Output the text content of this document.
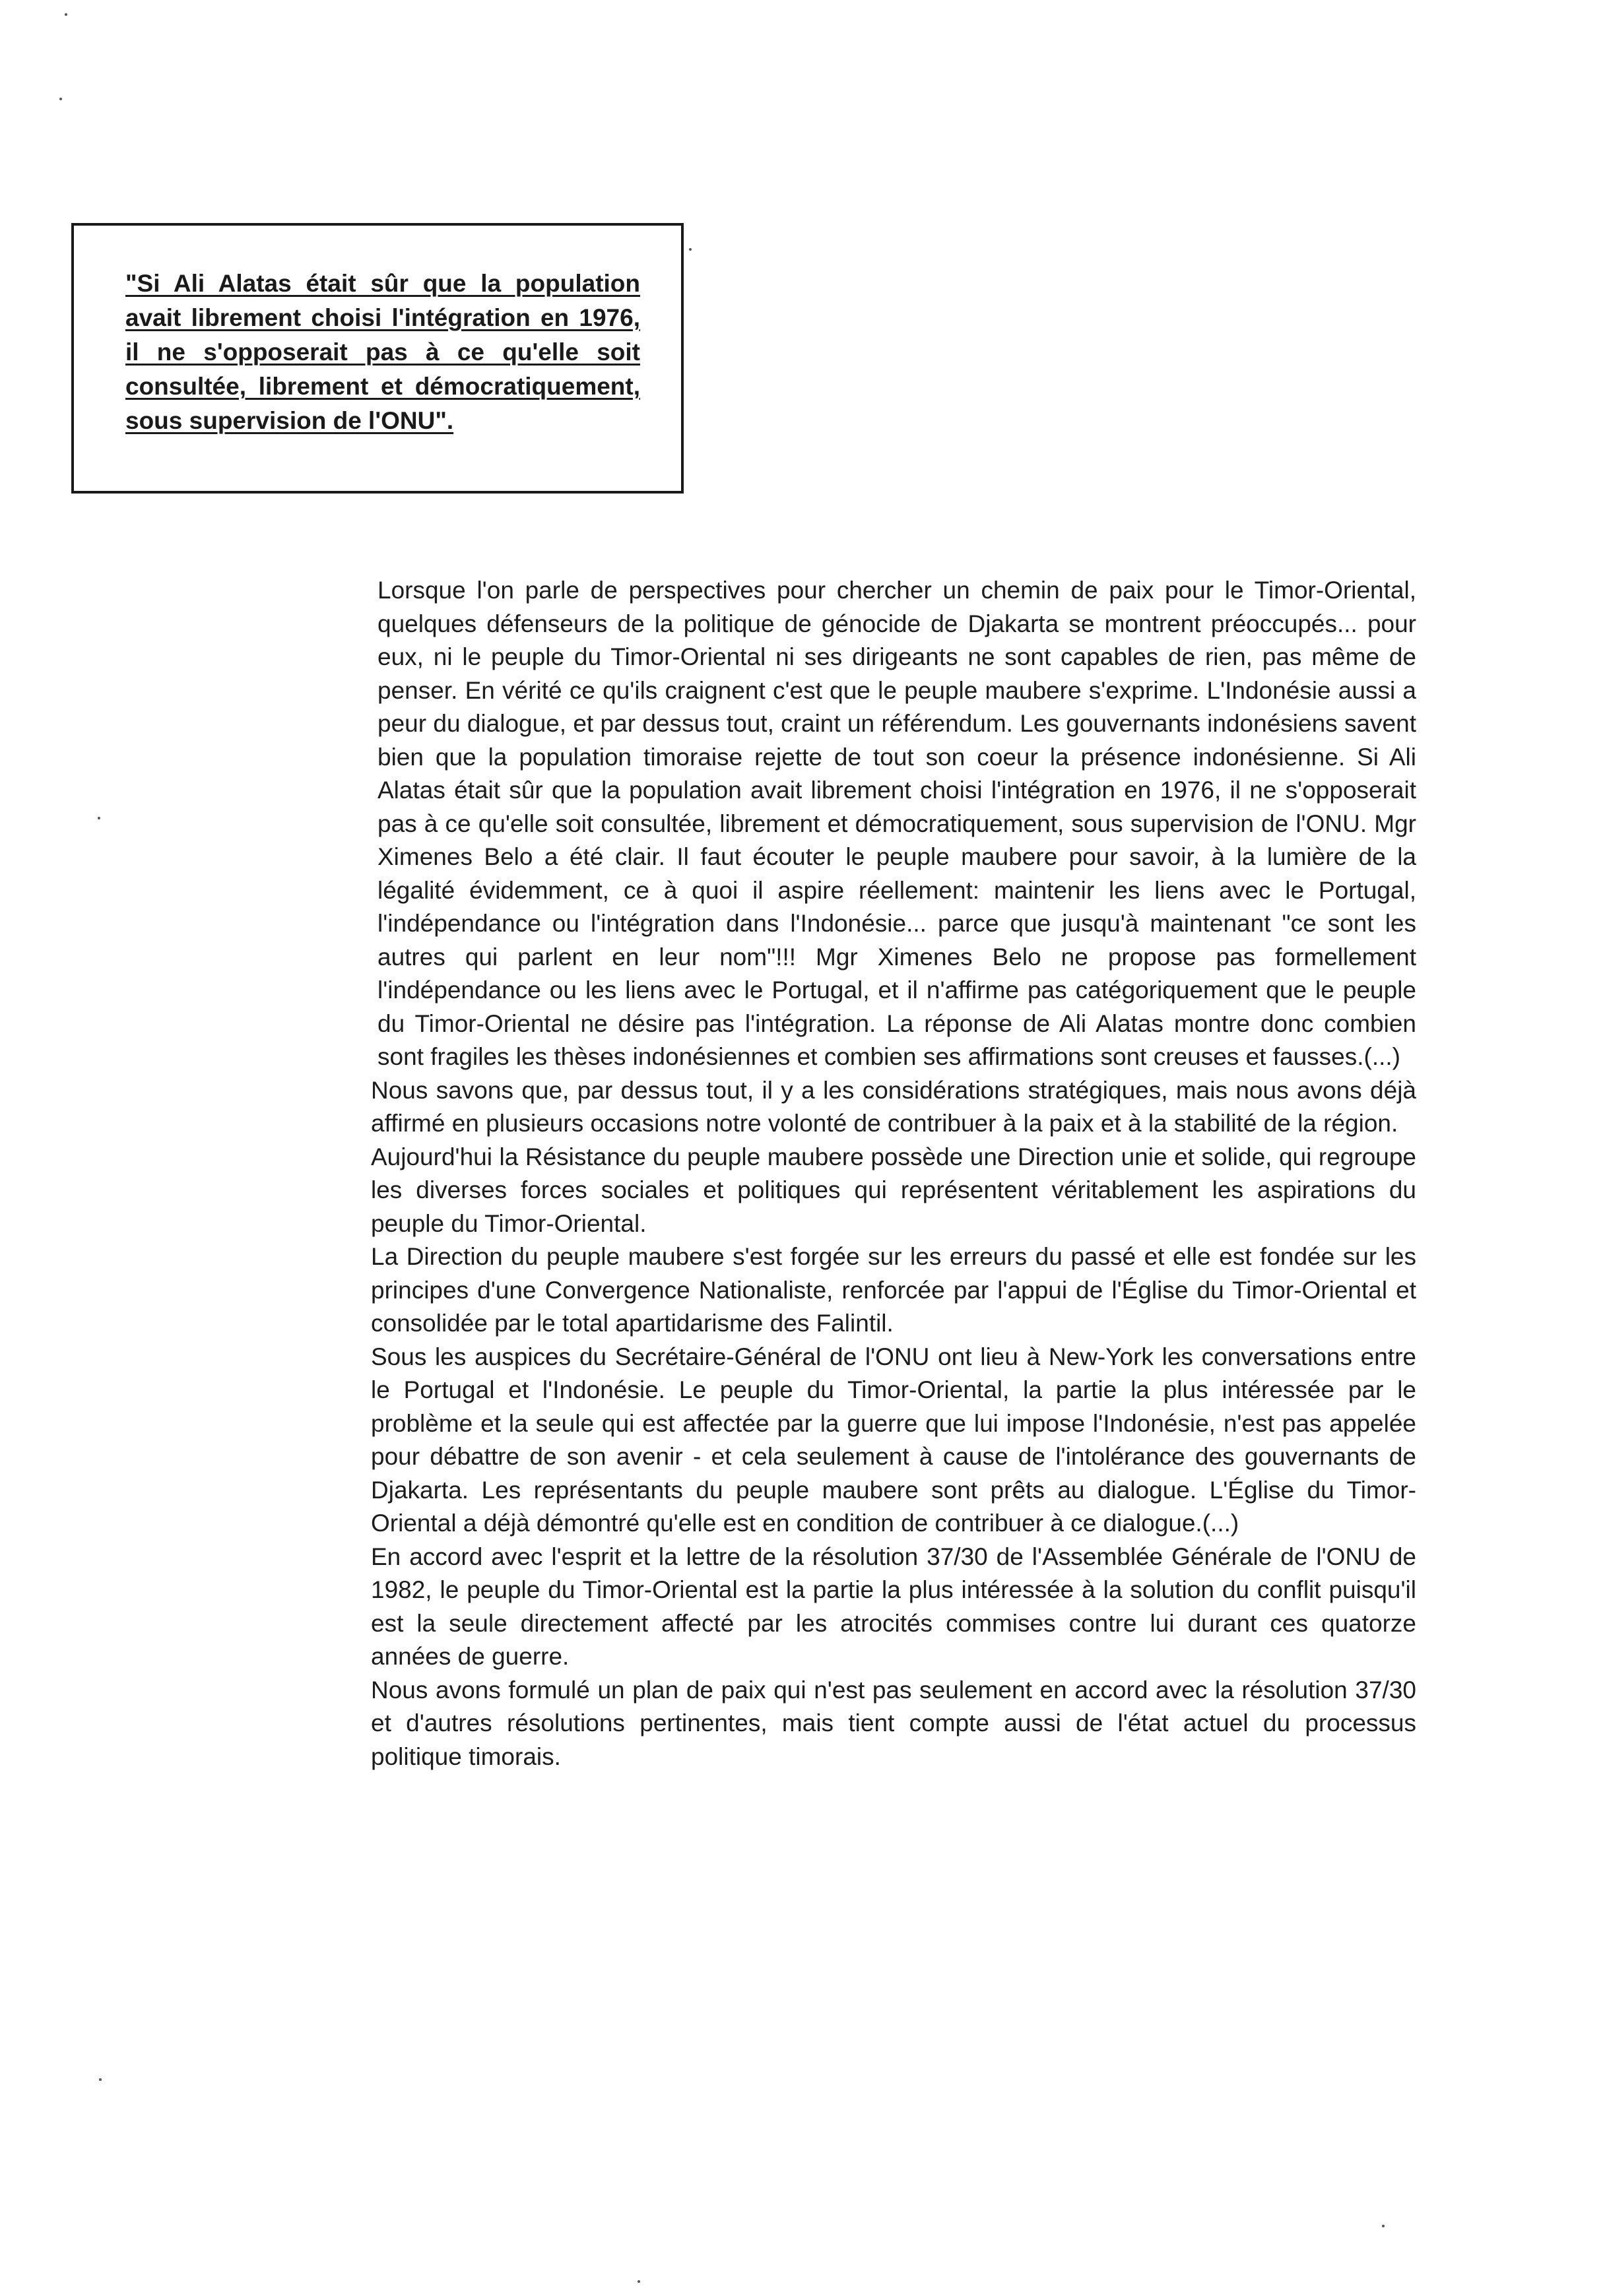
"Si Ali Alatas était sûr que la population avait librement choisi l'intégration en 1976, il ne s'opposerait pas à ce qu'elle soit consultée, librement et démocratiquement, sous supervision de l'ONU".

Lorsque l'on parle de perspectives pour chercher un chemin de paix pour le Timor-Oriental, quelques défenseurs de la politique de génocide de Djakarta se montrent préoccupés... pour eux, ni le peuple du Timor-Oriental ni ses dirigeants ne sont capables de rien, pas même de penser. En vérité ce qu'ils craignent c'est que le peuple maubere s'exprime. L'Indonésie aussi a peur du dialogue, et par dessus tout, craint un référendum. Les gouvernants indonésiens savent bien que la population timoraise rejette de tout son coeur la présence indonésienne. Si Ali Alatas était sûr que la population avait librement choisi l'intégration en 1976, il ne s'opposerait pas à ce qu'elle soit consultée, librement et démocratiquement, sous supervision de l'ONU. Mgr Ximenes Belo a été clair. Il faut écouter le peuple maubere pour savoir, à la lumière de la légalité évidemment, ce à quoi il aspire réellement: maintenir les liens avec le Portugal, l'indépendance ou l'intégration dans l'Indonésie... parce que jusqu'à maintenant "ce sont les autres qui parlent en leur nom"!!! Mgr Ximenes Belo ne propose pas formellement l'indépendance ou les liens avec le Portugal, et il n'affirme pas catégoriquement que le peuple du Timor-Oriental ne désire pas l'intégration. La réponse de Ali Alatas montre donc combien sont fragiles les thèses indonésiennes et combien ses affirmations sont creuses et fausses.(...)

Nous savons que, par dessus tout, il y a les considérations stratégiques, mais nous avons déjà affirmé en plusieurs occasions notre volonté de contribuer à la paix et à la stabilité de la région.

Aujourd'hui la Résistance du peuple maubere possède une Direction unie et solide, qui regroupe les diverses forces sociales et politiques qui représentent véritablement les aspirations du peuple du Timor-Oriental.

La Direction du peuple maubere s'est forgée sur les erreurs du passé et elle est fondée sur les principes d'une Convergence Nationaliste, renforcée par l'appui de l'Église du Timor-Oriental et consolidée par le total apartidarisme des Falintil.

Sous les auspices du Secrétaire-Général de l'ONU ont lieu à New-York les conversations entre le Portugal et l'Indonésie. Le peuple du Timor-Oriental, la partie la plus intéressée par le problème et la seule qui est affectée par la guerre que lui impose l'Indonésie, n'est pas appelée pour débattre de son avenir - et cela seulement à cause de l'intolérance des gouvernants de Djakarta. Les représentants du peuple maubere sont prêts au dialogue. L'Église du Timor-Oriental a déjà démontré qu'elle est en condition de contribuer à ce dialogue.(...)

En accord avec l'esprit et la lettre de la résolution 37/30 de l'Assemblée Générale de l'ONU de 1982, le peuple du Timor-Oriental est la partie la plus intéressée à la solution du conflit puisqu'il est la seule directement affecté par les atrocités commises contre lui durant ces quatorze années de guerre.

Nous avons formulé un plan de paix qui n'est pas seulement en accord avec la résolution 37/30 et d'autres résolutions pertinentes, mais tient compte aussi de l'état actuel du processus politique timorais.
